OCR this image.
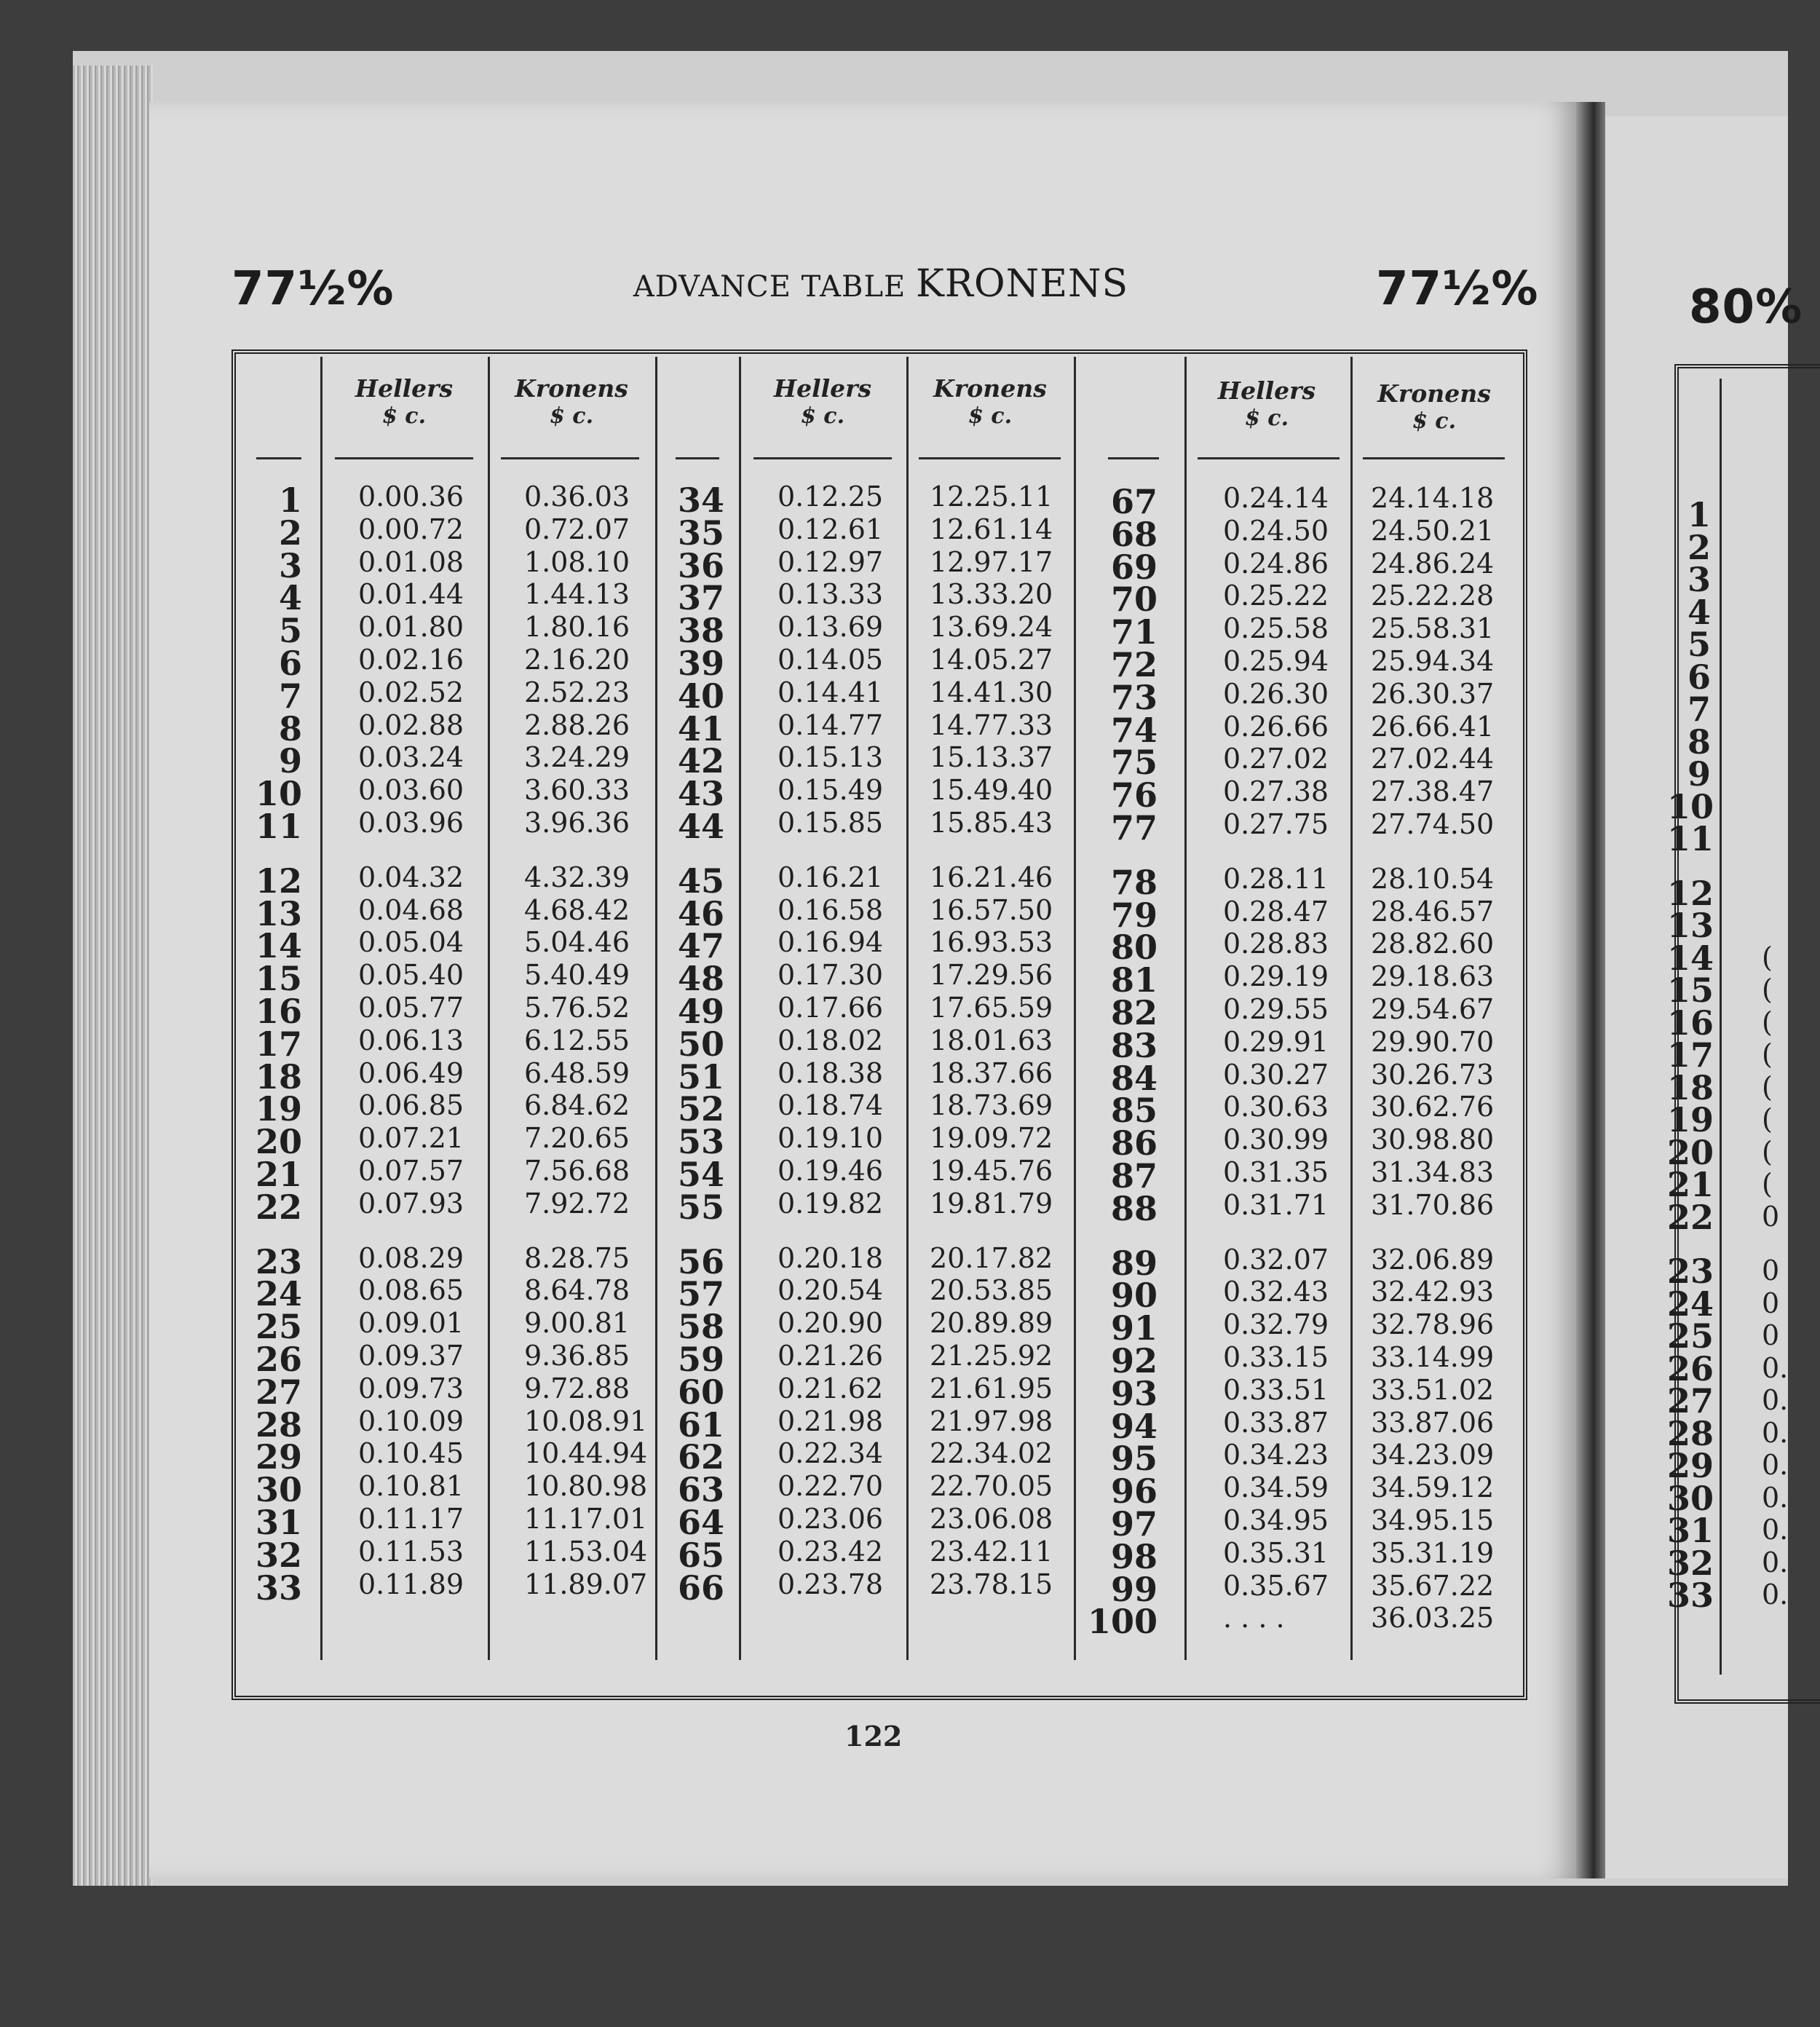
77½%	ADVANCE TABLE KRONENS	77½%	80%
Hellers
$ c.
Kronens
$ c.
Hellers
$ c.
Kronens
$ c.
Hellers
$ c.
Kronens
$ c.
1 0.00.36	0.36.03	34 0.12.25	12.25.11	67 0.24.14	24.14.18
2 0.00.72	0.72.07	35 0.12.61	12.61.14	68 0.24.50	24.50.21
3 0.01.08	1.08.10	36 0.12.97	12.97.17	69 0.24.86	24.86.24
4 0.01.44	1.44.13	37 0.13.33	13.33.20	70 0.25.22	25.22.28
5 0.01.80	1.80.16	38 0.13.69	13.69.24	71 0.25.58	25.58.31
6 0.02.16	2.16.20	39 0.14.05	14.05.27	72 0.25.94	25.94.34
7 0.02.52	2.52.23	40 0.14.41	14.41.30	73 0.26.30	26.30.37
8 0.02.88	2.88.26	41 0.14.77	14.77.33	74 0.26.66	26.66.41
9 0.03.24	3.24.29	42 0.15.13	15.13.37	75 0.27.02	27.02.44
10 0.03.60	3.60.33	43 0.15.49	15.49.40	76 0.27.38	27.38.47
11 0.03.96	3.96.36	44 0.15.85	15.85.43	77 0.27.75	27.74.50
12 0.04.32	4.32.39	45 0.16.21	16.21.46	78 0.28.11	28.10.54
13 0.04.68	4.68.42	46 0.16.58	16.57.50	79 0.28.47	28.46.57
14 0.05.04	5.04.46	47 0.16.94	16.93.53	80 0.28.83	28.82.60
15 0.05.40	5.40.49	48 0.17.30	17.29.56	81 0.29.19	29.18.63
16 0.05.77	5.76.52	49 0.17.66	17.65.59	82 0.29.55	29.54.67
17 0.06.13	6.12.55	50 0.18.02	18.01.63	83 0.29.91	29.90.70
18 0.06.49	6.48.59	51 0.18.38	18.37.66	84 0.30.27	30.26.73
19 0.06.85	6.84.62	52 0.18.74	18.73.69	85 0.30.63	30.62.76
20 0.07.21	7.20.65	53 0.19.10	19.09.72	86 0.30.99	30.98.80
21 0.07.57	7.56.68	54 0.19.46	19.45.76	87 0.31.35	31.34.83
22 0.07.93	7.92.72	55 0.19.82	19.81.79	88 0.31.71	31.70.86
23 0.08.29	8.28.75	56 0.20.18	20.17.82	89 0.32.07	32.06.89
24 0.08.65	8.64.78	57 0.20.54	20.53.85	90 0.32.43	32.42.93
25 0.09.01	9.00.81	58 0.20.90	20.89.89	91 0.32.79	32.78.96
26 0.09.37	9.36.85	59 0.21.26	21.25.92	92 0.33.15	33.14.99
27 0.09.73	9.72.88	60 0.21.62	21.61.95	93 0.33.51	33.51.02
28 0.10.09	10.08.91 61 0.21.98	21.97.98	94 0.33.87	33.87.06
29 0.10.45	10.44.94 62 0.22.34	22.34.02	95 0.34.23	34.23.09
30 0.10.81	10.80.98 63 0.22.70	22.70.05	96 0.34.59	34.59.12
31 0.11.17	11.17.01 64 0.23.06	23.06.08	97 0.34.95	34.95.15
32 0.11.53	11.53.04 65 0.23.42	23.42.11	98 0.35.31	35.31.19
33 0.11.89	11.89.07 66 0.23.78	23.78.15	99 0.35.67	35.67.22
100 . . . .	36.03.25
122
1
2
3
4
5
6
7
8
9
10
11
12
13
14 (
15 (
16 (
17 (
18 (
19 (
20 (
21 (
22 0
23 0
24 0
25 0
26 0.
27 0.
28 0.
29 0.
30 0.
31 0.
32 0.
33 0.
